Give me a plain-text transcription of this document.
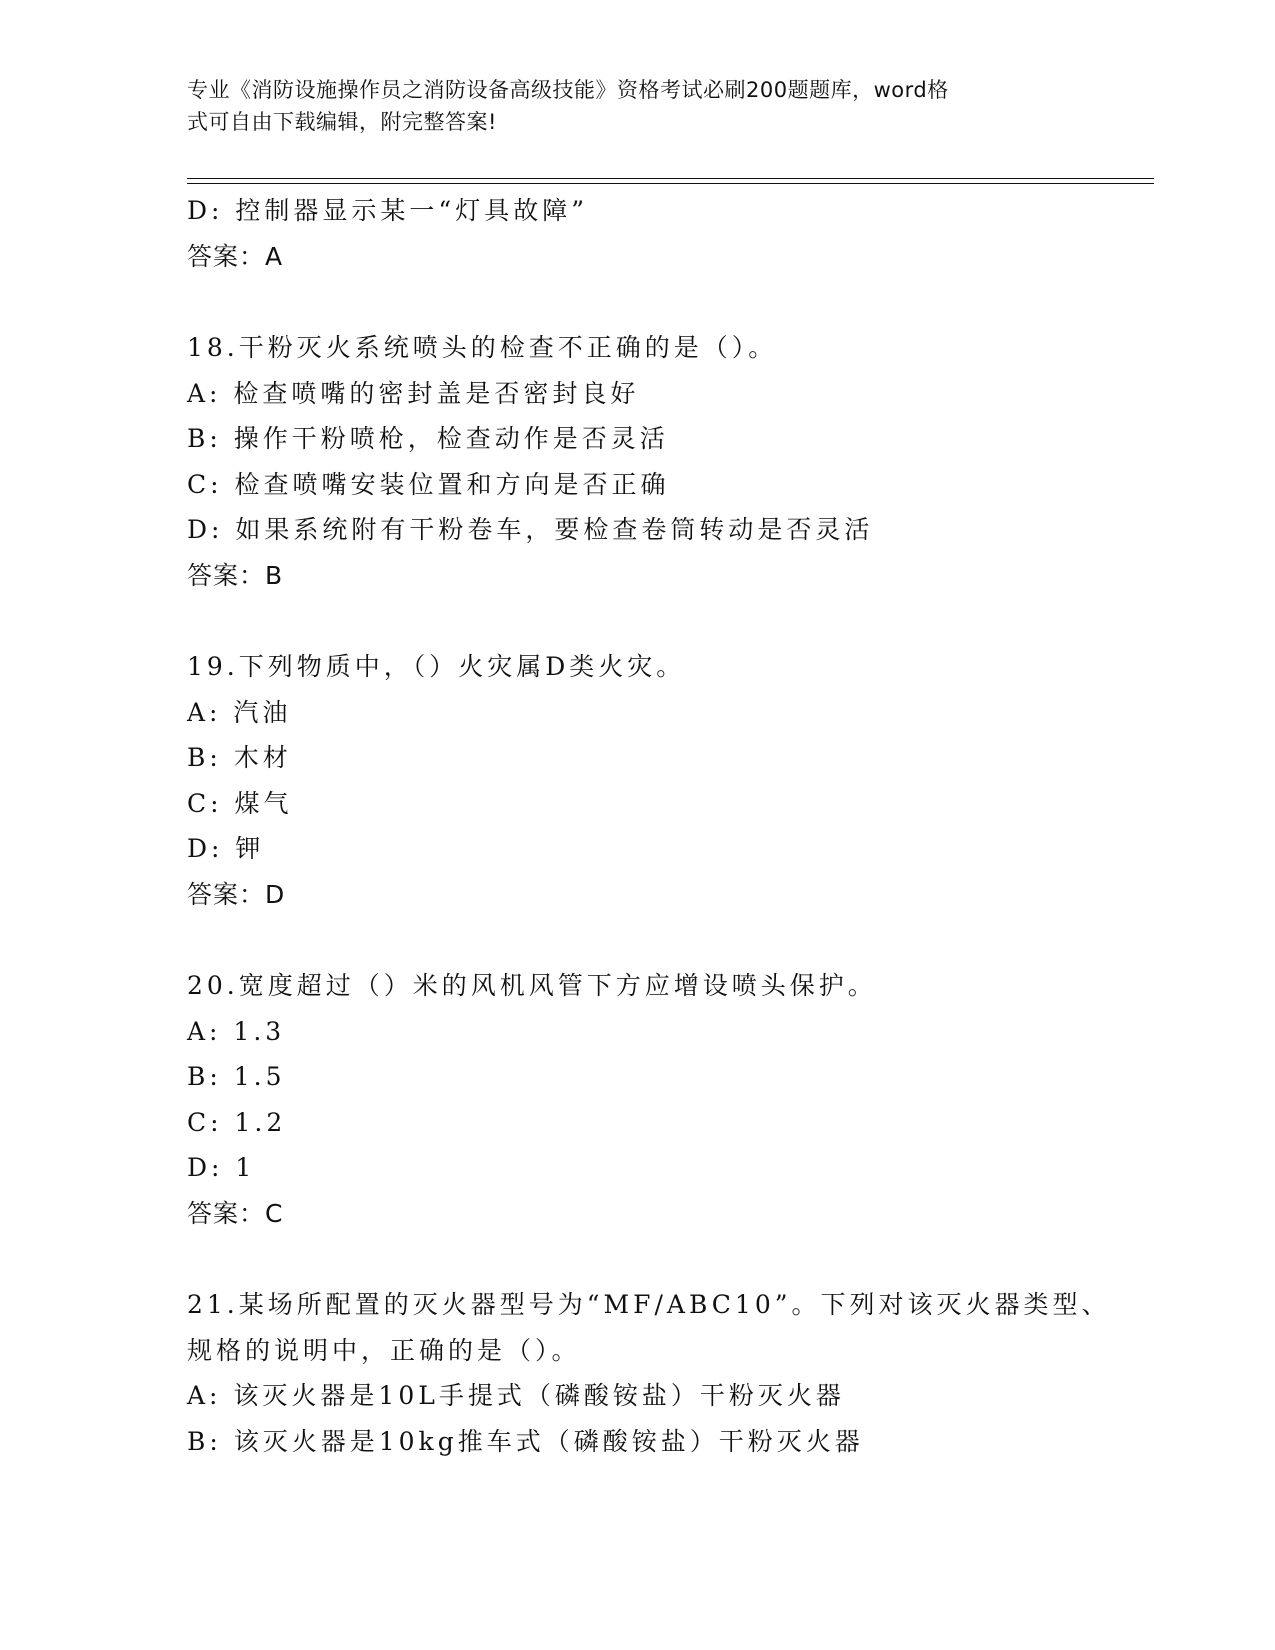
专业《消防设施操作员之消防设备高级技能》资格考试必刷200题题库，word格
式可自由下载编辑，附完整答案!
D: 控制器显示某一“灯具故障”
答案：A
18.干粉灭火系统喷头的检查不正确的是（）。
A: 检查喷嘴的密封盖是否密封良好
B: 操作干粉喷枪，检查动作是否灵活
C: 检查喷嘴安装位置和方向是否正确
D: 如果系统附有干粉卷车，要检查卷筒转动是否灵活
答案：B
19.下列物质中，（）火灾属D类火灾。
A: 汽油
B: 木材
C: 煤气
D: 钾
答案：D
20.宽度超过（）米的风机风管下方应增设喷头保护。
A: 1.3
B: 1.5
C: 1.2
D: 1
答案：C
21.某场所配置的灭火器型号为“MF/ABC10”。下列对该灭火器类型、
规格的说明中，正确的是（）。
A: 该灭火器是10L手提式（磷酸铵盐）干粉灭火器
B: 该灭火器是10kg推车式（磷酸铵盐）干粉灭火器
